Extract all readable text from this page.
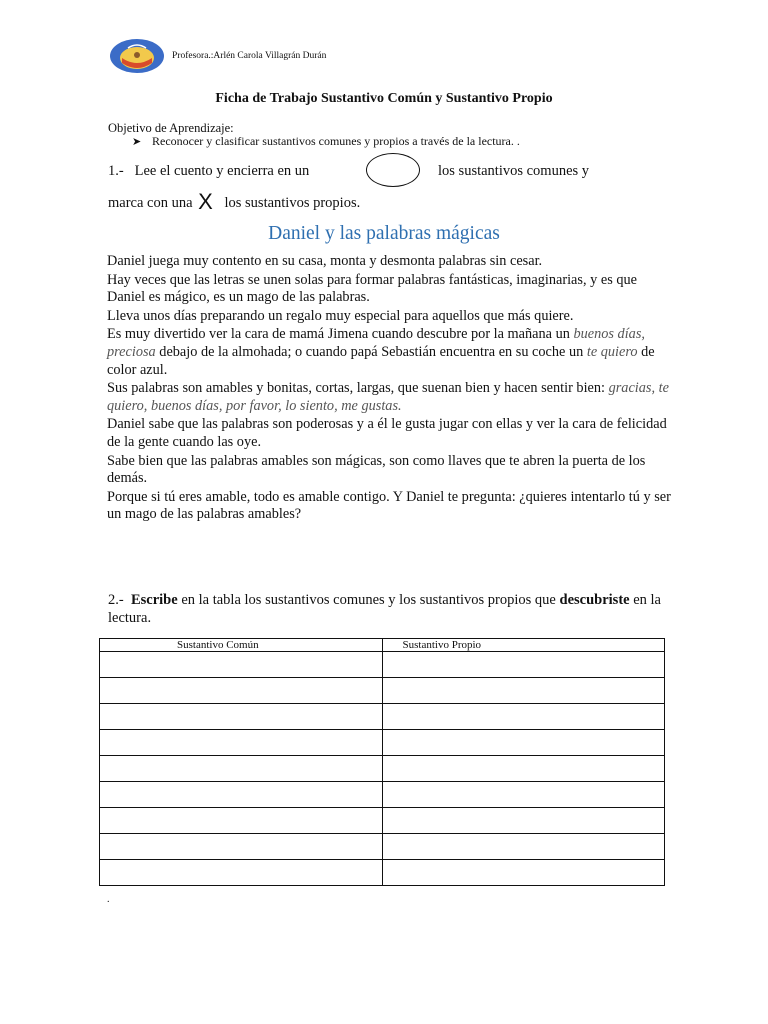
Profesora.:Arlén Carola Villagrán Durán
Ficha de Trabajo Sustantivo Común y Sustantivo Propio
Objetivo de Aprendizaje:
➤ Reconocer y clasificar sustantivos comunes y propios a través de la lectura. .
1.- Lee el cuento y encierra en un	los sustantivos comunes y
marca con una X los sustantivos propios.
Daniel y las palabras mágicas

Daniel juega muy contento en su casa, monta y desmonta palabras sin cesar.

Hay veces que las letras se unen solas para formar palabras fantásticas, imaginarias, y es que Daniel es mágico, es un mago de las palabras.

Lleva unos días preparando un regalo muy especial para aquellos que más quiere.

Es muy divertido ver la cara de mamá Jimena cuando descubre por la mañana un buenos días, preciosa debajo de la almohada; o cuando papá Sebastián encuentra en su coche un te quiero de color azul.

Sus palabras son amables y bonitas, cortas, largas, que suenan bien y hacen sentir bien: gracias, te quiero, buenos días, por favor, lo siento, me gustas.

Daniel sabe que las palabras son poderosas y a él le gusta jugar con ellas y ver la cara de felicidad de la gente cuando las oye.

Sabe bien que las palabras amables son mágicas, son como llaves que te abren la puerta de los demás.

Porque si tú eres amable, todo es amable contigo. Y Daniel te pregunta: ¿quieres intentarlo tú y ser un mago de las palabras amables?

2.- Escribe en la tabla los sustantivos comunes y los sustantivos propios que descubriste en la lectura.
Sustantivo Común	Sustantivo Propio

.
